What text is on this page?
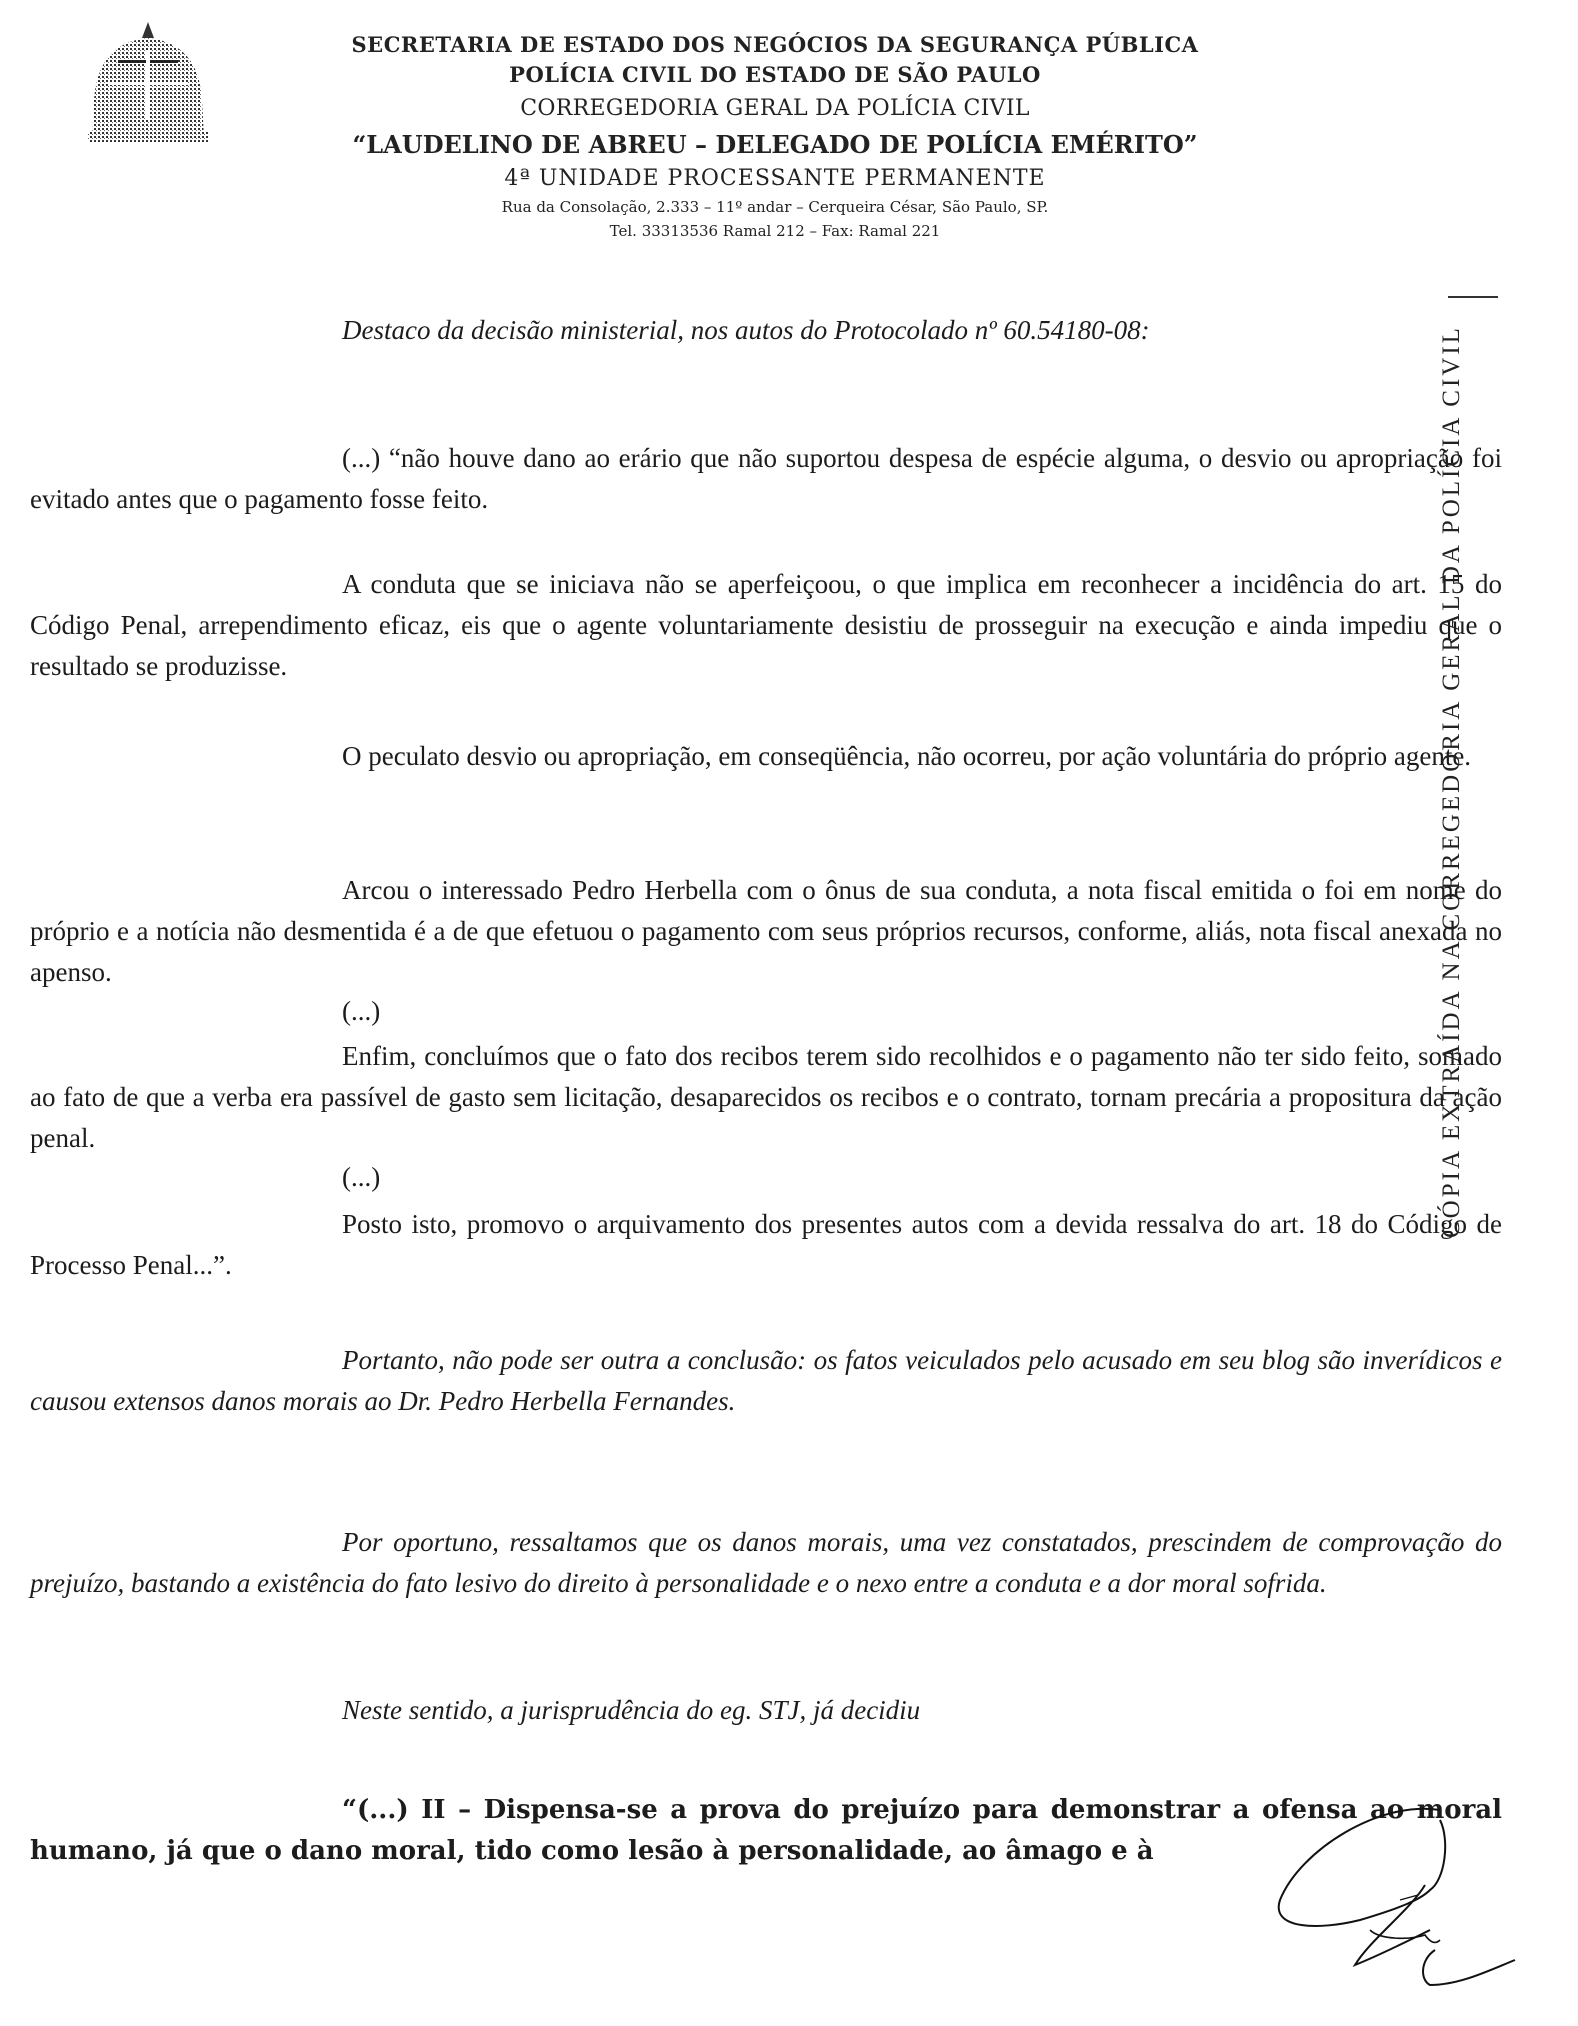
SECRETARIA DE ESTADO DOS NEGÓCIOS DA SEGURANÇA PÚBLICA
POLÍCIA CIVIL DO ESTADO DE SÃO PAULO
CORREGEDORIA GERAL DA POLÍCIA CIVIL
“LAUDELINO DE ABREU – DELEGADO DE POLÍCIA EMÉRITO”
4ª UNIDADE PROCESSANTE PERMANENTE
Rua da Consolação, 2.333 – 11º andar – Cerqueira César, São Paulo, SP.
Tel. 33313536 Ramal 212 – Fax: Ramal 221
Destaco da decisão ministerial, nos autos do Protocolado nº 60.54180-08:
(...) “não houve dano ao erário que não suportou despesa de espécie alguma, o desvio ou apropriação foi evitado antes que o pagamento fosse feito.
A conduta que se iniciava não se aperfeiçoou, o que implica em reconhecer a incidência do art. 15 do Código Penal, arrependimento eficaz, eis que o agente voluntariamente desistiu de prosseguir na execução e ainda impediu que o resultado se produzisse.
O peculato desvio ou apropriação, em conseqüência, não ocorreu, por ação voluntária do próprio agente.
Arcou o interessado Pedro Herbella com o ônus de sua conduta, a nota fiscal emitida o foi em nome do próprio e a notícia não desmentida é a de que efetuou o pagamento com seus próprios recursos, conforme, aliás, nota fiscal anexada no apenso.
(...)
Enfim, concluímos que o fato dos recibos terem sido recolhidos e o pagamento não ter sido feito, somado ao fato de que a verba era passível de gasto sem licitação, desaparecidos os recibos e o contrato, tornam precária a propositura da ação penal.
(...)
Posto isto, promovo o arquivamento dos presentes autos com a devida ressalva do art. 18 do Código de Processo Penal...”.
Portanto, não pode ser outra a conclusão: os fatos veiculados pelo acusado em seu blog são inverídicos e causou extensos danos morais ao Dr. Pedro Herbella Fernandes.
Por oportuno, ressaltamos que os danos morais, uma vez constatados, prescindem de comprovação do prejuízo, bastando a existência do fato lesivo do direito à personalidade e o nexo entre a conduta e a dor moral sofrida.
Neste sentido, a jurisprudência do eg. STJ, já decidiu
“(...) II – Dispensa-se a prova do prejuízo para demonstrar a ofensa ao moral humano, já que o dano moral, tido como lesão à personalidade, ao âmago e à
CÓPIA EXTRAÍDA NA CORREGEDORIA GERAL DA POLÍCIA CIVIL
